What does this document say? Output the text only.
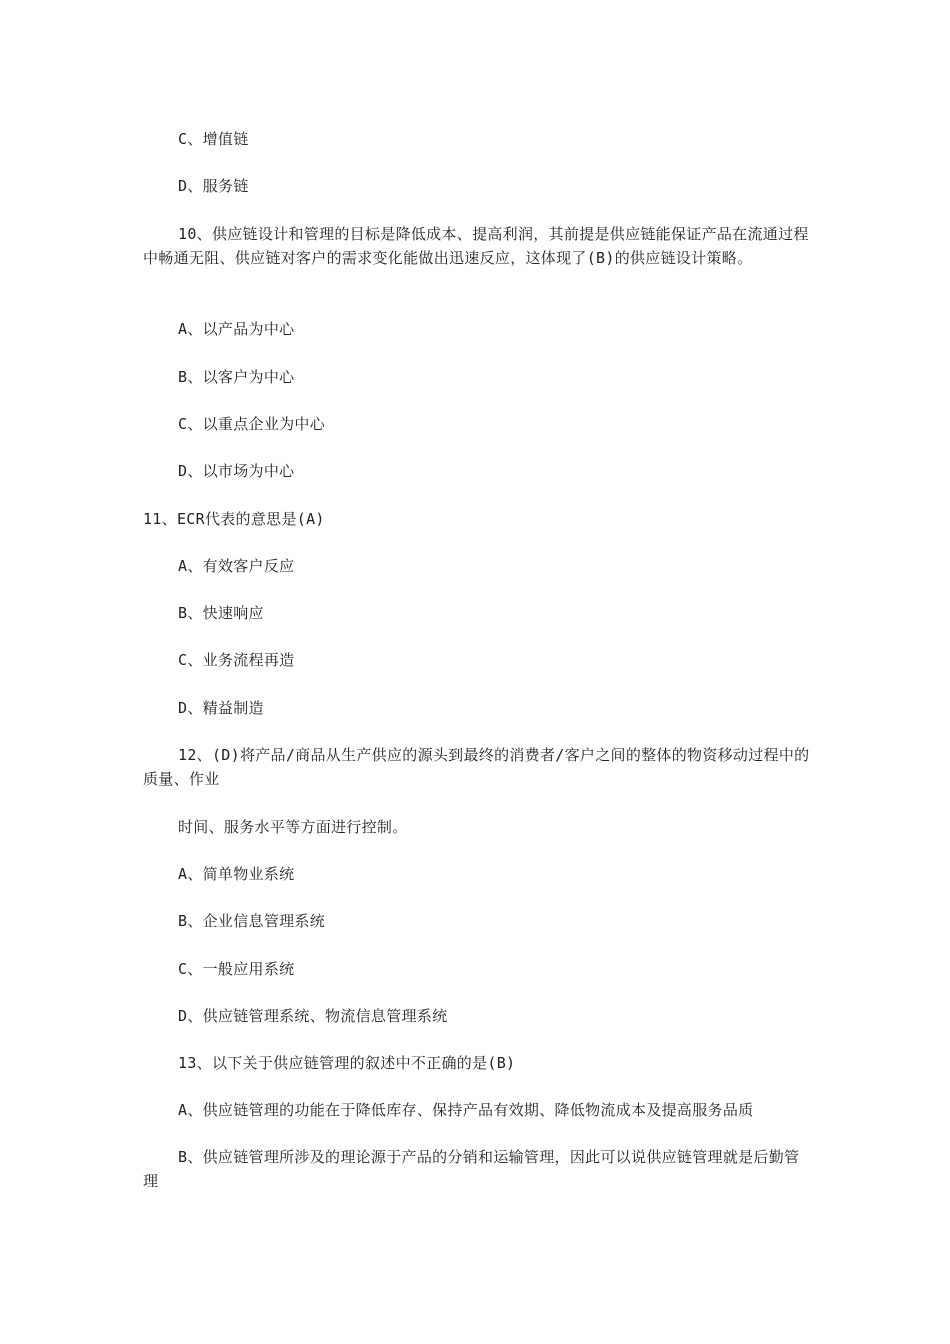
C、增值链
D、服务链
10、供应链设计和管理的目标是降低成本、提高利润，其前提是供应链能保证产品在流通过程中畅通无阻、供应链对客户的需求变化能做出迅速反应，这体现了(B)的供应链设计策略。
A、以产品为中心
B、以客户为中心
C、以重点企业为中心
D、以市场为中心
11、ECR代表的意思是(A)
A、有效客户反应
B、快速响应
C、业务流程再造
D、精益制造
12、(D)将产品/商品从生产供应的源头到最终的消费者/客户之间的整体的物资移动过程中的质量、作业
时间、服务水平等方面进行控制。
A、简单物业系统
B、企业信息管理系统
C、一般应用系统
D、供应链管理系统、物流信息管理系统
13、以下关于供应链管理的叙述中不正确的是(B)
A、供应链管理的功能在于降低库存、保持产品有效期、降低物流成本及提高服务品质
B、供应链管理所涉及的理论源于产品的分销和运输管理，因此可以说供应链管理就是后勤管理
